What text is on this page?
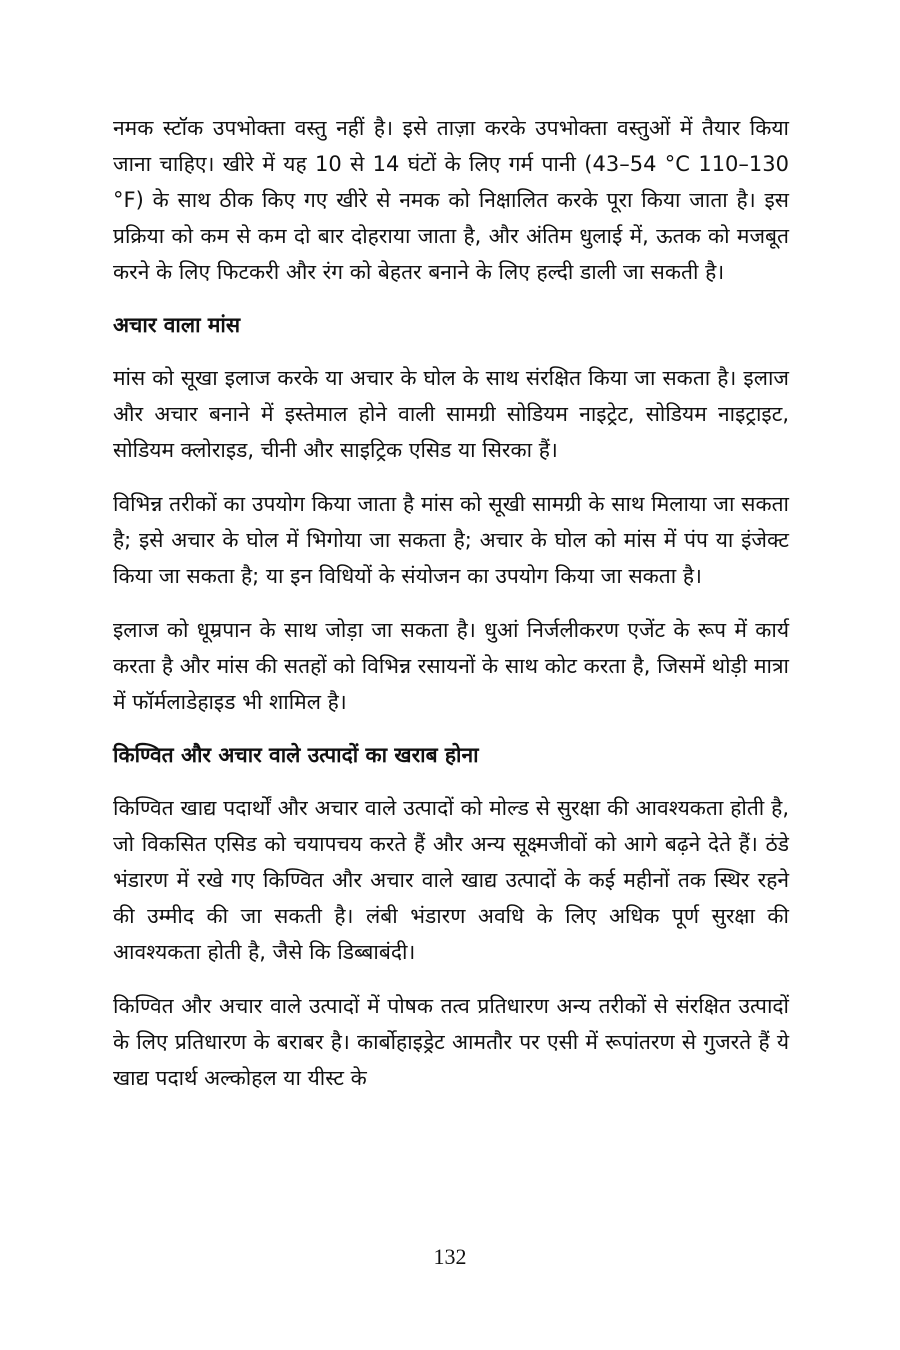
नमक स्टॉक उपभोक्ता वस्तु नहीं है। इसे ताज़ा करके उपभोक्ता वस्तुओं में तैयार किया जाना चाहिए। खीरे में यह 10 से 14 घंटों के लिए गर्म पानी (43–54 °C 110–130 °F) के साथ ठीक किए गए खीरे से नमक को निक्षालित करके पूरा किया जाता है। इस प्रक्रिया को कम से कम दो बार दोहराया जाता है, और अंतिम धुलाई में, ऊतक को मजबूत करने के लिए फिटकरी और रंग को बेहतर बनाने के लिए हल्दी डाली जा सकती है।

अचार वाला मांस

मांस को सूखा इलाज करके या अचार के घोल के साथ संरक्षित किया जा सकता है। इलाज और अचार बनाने में इस्तेमाल होने वाली सामग्री सोडियम नाइट्रेट, सोडियम नाइट्राइट, सोडियम क्लोराइड, चीनी और साइट्रिक एसिड या सिरका हैं।

विभिन्न तरीकों का उपयोग किया जाता है मांस को सूखी सामग्री के साथ मिलाया जा सकता है; इसे अचार के घोल में भिगोया जा सकता है; अचार के घोल को मांस में पंप या इंजेक्ट किया जा सकता है; या इन विधियों के संयोजन का उपयोग किया जा सकता है।

इलाज को धूम्रपान के साथ जोड़ा जा सकता है। धुआं निर्जलीकरण एजेंट के रूप में कार्य करता है और मांस की सतहों को विभिन्न रसायनों के साथ कोट करता है, जिसमें थोड़ी मात्रा में फॉर्मलाडेहाइड भी शामिल है।

किण्वित और अचार वाले उत्पादों का खराब होना

किण्वित खाद्य पदार्थों और अचार वाले उत्पादों को मोल्ड से सुरक्षा की आवश्यकता होती है, जो विकसित एसिड को चयापचय करते हैं और अन्य सूक्ष्मजीवों को आगे बढ़ने देते हैं। ठंडे भंडारण में रखे गए किण्वित और अचार वाले खाद्य उत्पादों के कई महीनों तक स्थिर रहने की उम्मीद की जा सकती है। लंबी भंडारण अवधि के लिए अधिक पूर्ण सुरक्षा की आवश्यकता होती है, जैसे कि डिब्बाबंदी।

किण्वित और अचार वाले उत्पादों में पोषक तत्व प्रतिधारण अन्य तरीकों से संरक्षित उत्पादों के लिए प्रतिधारण के बराबर है। कार्बोहाइड्रेट आमतौर पर एसी में रूपांतरण से गुजरते हैं ये खाद्य पदार्थ अल्कोहल या यीस्ट के

132
